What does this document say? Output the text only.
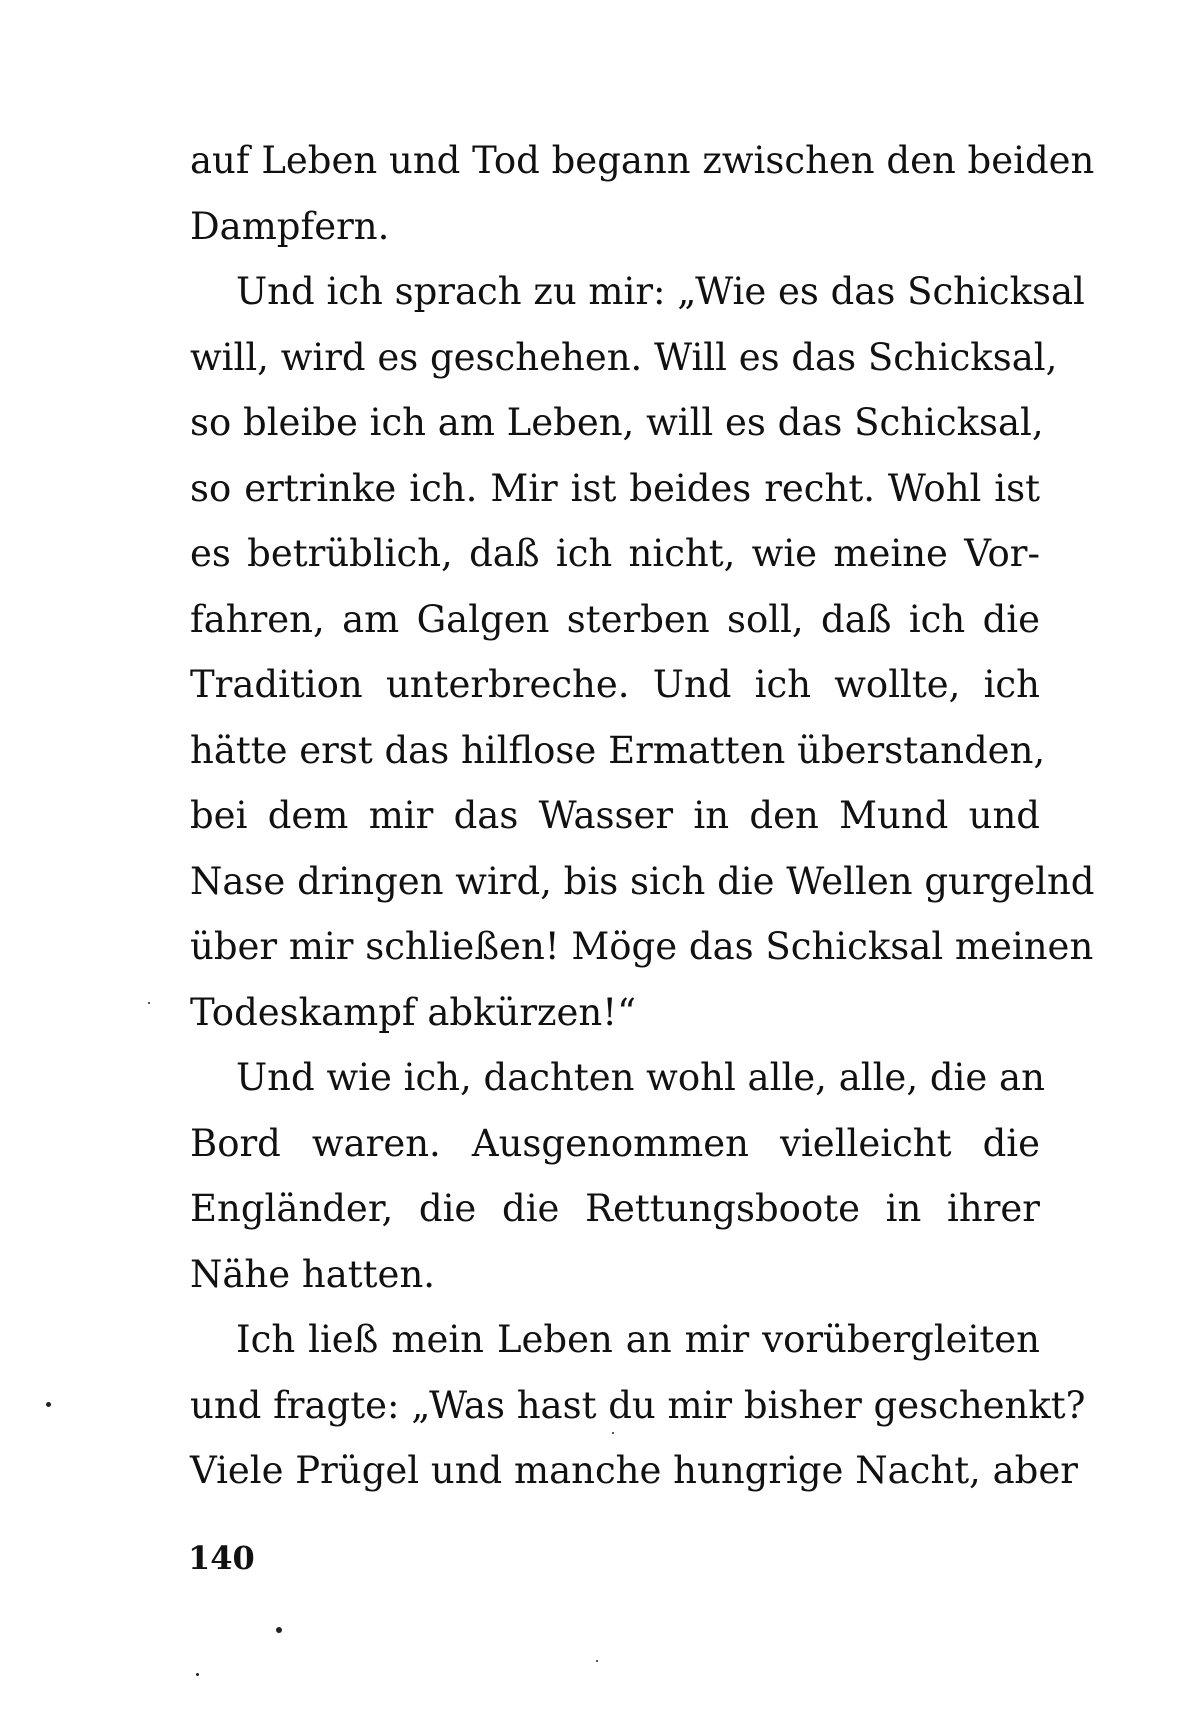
auf Leben und Tod begann zwischen den beiden
Dampfern.
Und ich sprach zu mir: „Wie es das Schicksal
will, wird es geschehen. Will es das Schicksal,
so bleibe ich am Leben, will es das Schicksal,
so ertrinke ich. Mir ist beides recht. Wohl ist
es betrüblich, daß ich nicht, wie meine Vor-
fahren, am Galgen sterben soll, daß ich die
Tradition unterbreche. Und ich wollte, ich
hätte erst das hilflose Ermatten überstanden,
bei dem mir das Wasser in den Mund und
Nase dringen wird, bis sich die Wellen gurgelnd
über mir schließen! Möge das Schicksal meinen
Todeskampf abkürzen!“
Und wie ich, dachten wohl alle, alle, die an
Bord waren. Ausgenommen vielleicht die
Engländer, die die Rettungsboote in ihrer
Nähe hatten.
Ich ließ mein Leben an mir vorübergleiten
und fragte: „Was hast du mir bisher geschenkt?
Viele Prügel und manche hungrige Nacht, aber
140
